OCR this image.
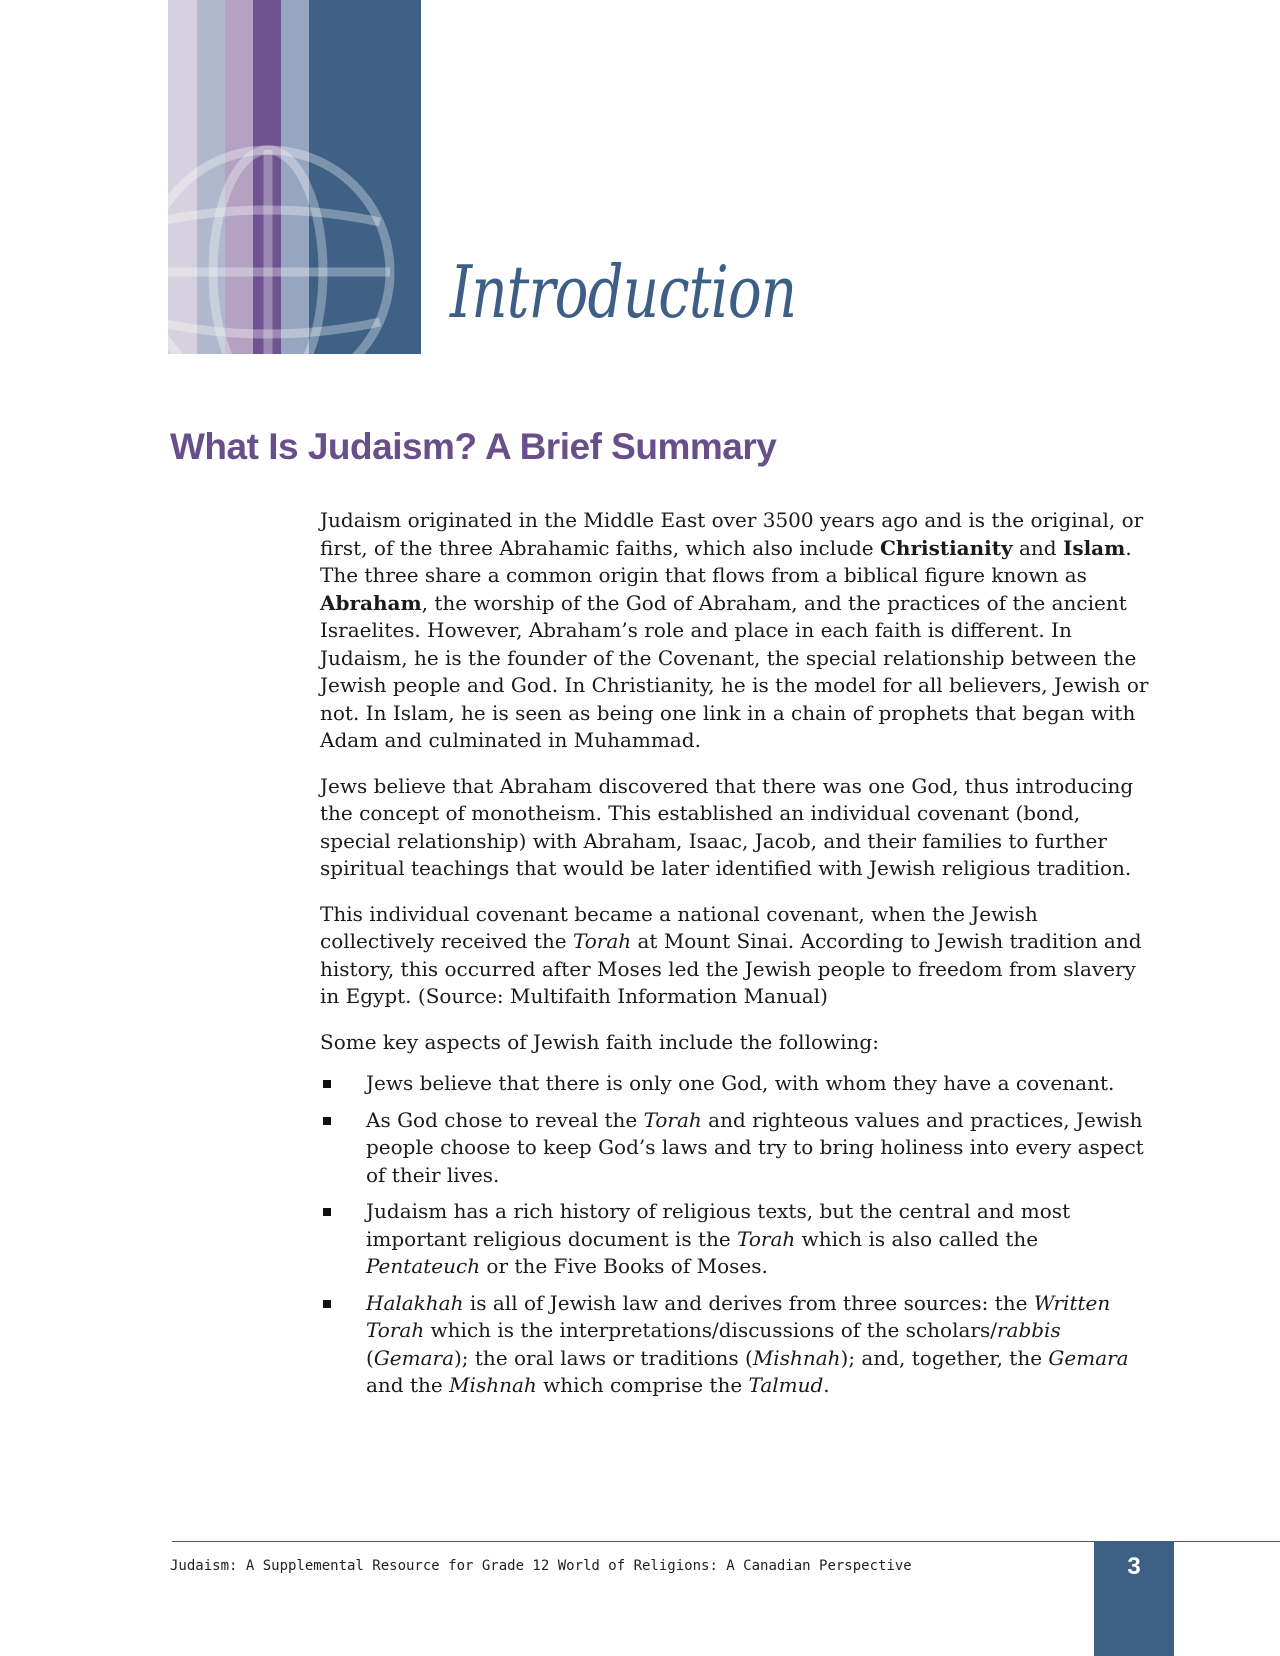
Introduction
What Is Judaism? A Brief Summary

Judaism originated in the Middle East over 3500 years ago and is the original, or first, of the three Abrahamic faiths, which also include Christianity and Islam. The three share a common origin that flows from a biblical figure known as Abraham, the worship of the God of Abraham, and the practices of the ancient Israelites. However, Abraham’s role and place in each faith is different. In Judaism, he is the founder of the Covenant, the special relationship between the Jewish people and God. In Christianity, he is the model for all believers, Jewish or not. In Islam, he is seen as being one link in a chain of prophets that began with Adam and culminated in Muhammad.

Jews believe that Abraham discovered that there was one God, thus introducing the concept of monotheism. This established an individual covenant (bond, special relationship) with Abraham, Isaac, Jacob, and their families to further spiritual teachings that would be later identified with Jewish religious tradition.

This individual covenant became a national covenant, when the Jewish collectively received the Torah at Mount Sinai. According to Jewish tradition and history, this occurred after Moses led the Jewish people to freedom from slavery in Egypt. (Source: Multifaith Information Manual)

Some key aspects of Jewish faith include the following:

Jews believe that there is only one God, with whom they have a covenant.
As God chose to reveal the Torah and righteous values and practices, Jewish people choose to keep God’s laws and try to bring holiness into every aspect of their lives.
Judaism has a rich history of religious texts, but the central and most important religious document is the Torah which is also called the Pentateuch or the Five Books of Moses.
Halakhah is all of Jewish law and derives from three sources: the Written Torah which is the interpretations/discussions of the scholars/rabbis (Gemara); the oral laws or traditions (Mishnah); and, together, the Gemara and the Mishnah which comprise the Talmud.
Judaism: A Supplemental Resource for Grade 12 World of Religions: A Canadian Perspective	3
